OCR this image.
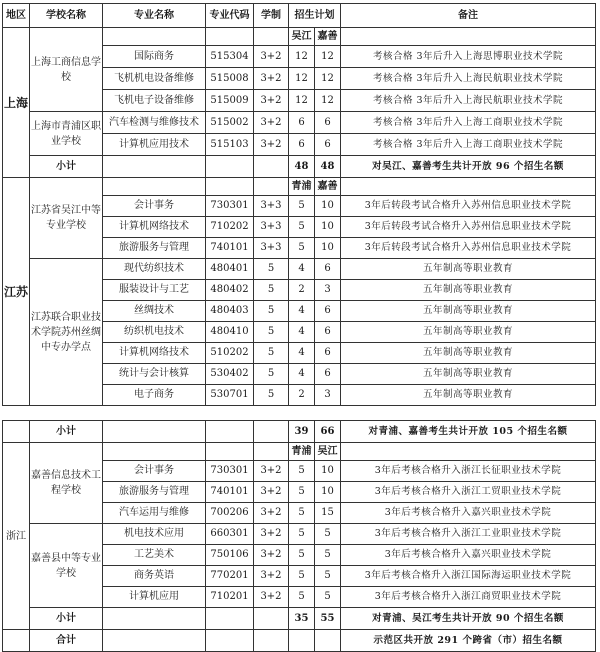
地区	学校名称	专业名称	专业代码	学制	招生计划		备注
上海	上海工商信息学校				吴江	嘉善	
		国际商务	515304	3+2	12	12	考核合格 3年后升入上海思博职业技术学院
		飞机机电设备维修	515008	3+2	12	12	考核合格 3年后升入上海民航职业技术学院
		飞机电子设备维修	515009	3+2	12	12	考核合格 3年后升入上海民航职业技术学院
	上海市青浦区职业学校	汽车检测与维修技术	515002	3+2	6	6	考核合格 3年后升入上海工商职业技术学院
		计算机应用技术	515103	3+2	6	6	考核合格 3年后升入上海工商职业技术学院
	小计				48	48	对吴江、嘉善考生共计开放 96 个招生名额
江苏	江苏省吴江中等专业学校				青浦	嘉善	
		会计事务	730301	3+3	5	10	3年后转段考试合格升入苏州信息职业技术学院
		计算机网络技术	710202	3+3	5	10	3年后转段考试合格升入苏州信息职业技术学院
		旅游服务与管理	740101	3+3	5	10	3年后转段考试合格升入苏州信息职业技术学院
	江苏联合职业技术学院苏州丝绸中专办学点	现代纺织技术	480401	5	4	6	五年制高等职业教育
		服装设计与工艺	480402	5	2	3	五年制高等职业教育
		丝绸技术	480403	5	4	6	五年制高等职业教育
		纺织机电技术	480410	5	4	6	五年制高等职业教育
		计算机网络技术	510202	5	4	6	五年制高等职业教育
		统计与会计核算	530402	5	4	6	五年制高等职业教育
		电子商务	530701	5	2	3	五年制高等职业教育
	小计				39	66	对青浦、嘉善考生共计开放 105 个招生名额
浙江	嘉善信息技术工程学校				青浦	吴江	
		会计事务	730301	3+2	5	10	3年后考核合格升入浙江长征职业技术学院
		旅游服务与管理	740101	3+2	5	10	3年后考核合格升入浙江工贸职业技术学院
		汽车运用与维修	700206	3+2	5	15	3年后考核合格升入嘉兴职业技术学院
	嘉善县中等专业学校	机电技术应用	660301	3+2	5	5	3年后考核合格升入浙江工业职业技术学院
		工艺美术	750106	3+2	5	5	3年后考核合格升入嘉兴职业技术学院
		商务英语	770201	3+2	5	5	3年后考核合格升入浙江国际海运职业技术学院
		计算机应用	710201	3+2	5	5	3年后考核合格升入浙江商贸职业技术学院
	小计				35	55	对青浦、吴江考生共计开放 90 个招生名额
	合计						示范区共开放 291 个跨省（市）招生名额
